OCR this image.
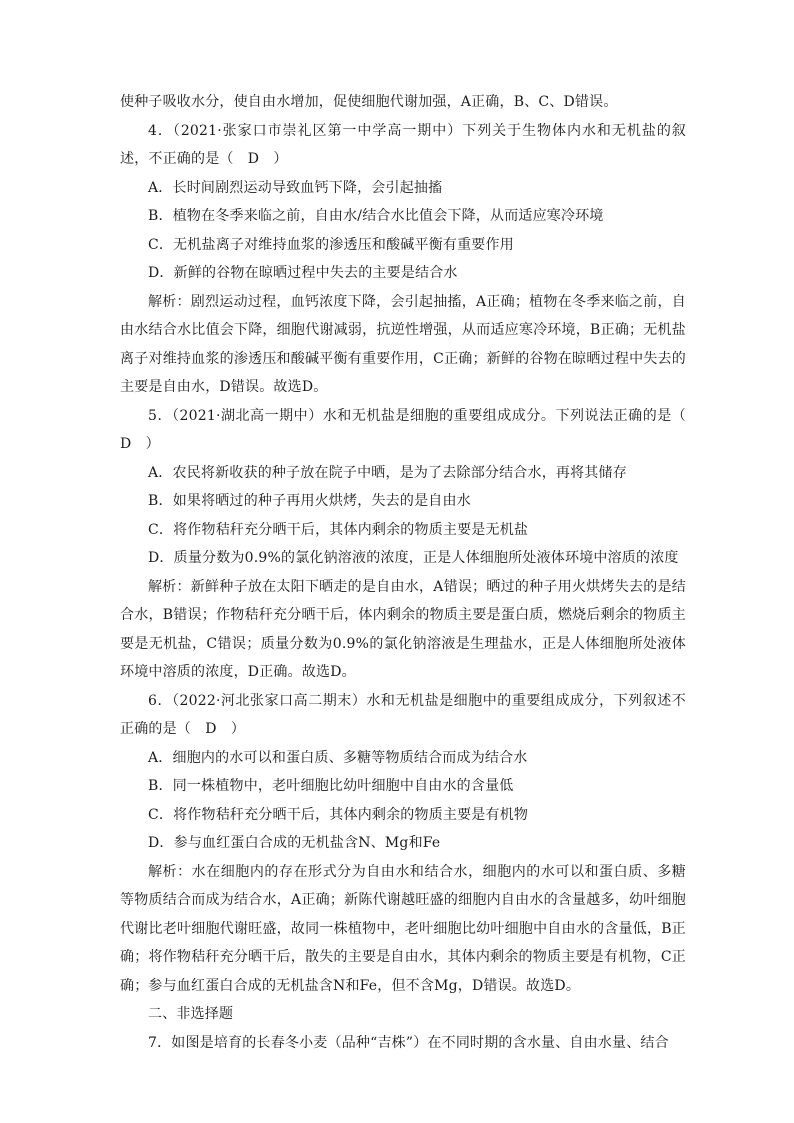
使种子吸收水分，使自由水增加，促使细胞代谢加强，A正确，B、C、D错误。

4．（2021·张家口市崇礼区第一中学高一期中）下列关于生物体内水和无机盐的叙述，不正确的是（　D　）

A．长时间剧烈运动导致血钙下降，会引起抽搐

B．植物在冬季来临之前，自由水/结合水比值会下降，从而适应寒冷环境

C．无机盐离子对维持血浆的渗透压和酸碱平衡有重要作用

D．新鲜的谷物在晾晒过程中失去的主要是结合水

解析：剧烈运动过程，血钙浓度下降，会引起抽搐，A正确；植物在冬季来临之前，自由水结合水比值会下降，细胞代谢减弱，抗逆性增强，从而适应寒冷环境，B正确；无机盐离子对维持血浆的渗透压和酸碱平衡有重要作用，C正确；新鲜的谷物在晾晒过程中失去的主要是自由水，D错误。故选D。

5．（2021·湖北高一期中）水和无机盐是细胞的重要组成成分。下列说法正确的是（　D　）

A．农民将新收获的种子放在院子中晒，是为了去除部分结合水，再将其储存

B．如果将晒过的种子再用火烘烤，失去的是自由水

C．将作物秸秆充分晒干后，其体内剩余的物质主要是无机盐

D．质量分数为0.9%的氯化钠溶液的浓度，正是人体细胞所处液体环境中溶质的浓度

解析：新鲜种子放在太阳下晒走的是自由水，A错误；晒过的种子用火烘烤失去的是结合水，B错误；作物秸秆充分晒干后，体内剩余的物质主要是蛋白质，燃烧后剩余的物质主要是无机盐，C错误；质量分数为0.9%的氯化钠溶液是生理盐水，正是人体细胞所处液体环境中溶质的浓度，D正确。故选D。

6．（2022·河北张家口高二期末）水和无机盐是细胞中的重要组成成分，下列叙述不正确的是（　D　）

A．细胞内的水可以和蛋白质、多糖等物质结合而成为结合水

B．同一株植物中，老叶细胞比幼叶细胞中自由水的含量低

C．将作物秸秆充分晒干后，其体内剩余的物质主要是有机物

D．参与血红蛋白合成的无机盐含N、Mg和Fe

解析：水在细胞内的存在形式分为自由水和结合水，细胞内的水可以和蛋白质、多糖等物质结合而成为结合水，A正确；新陈代谢越旺盛的细胞内自由水的含量越多，幼叶细胞代谢比老叶细胞代谢旺盛，故同一株植物中，老叶细胞比幼叶细胞中自由水的含量低，B正确；将作物秸秆充分晒干后，散失的主要是自由水，其体内剩余的物质主要是有机物，C正确；参与血红蛋白合成的无机盐含N和Fe，但不含Mg，D错误。故选D。

二、非选择题

7．如图是培育的长春冬小麦（品种“吉株”）在不同时期的含水量、自由水量、结合
